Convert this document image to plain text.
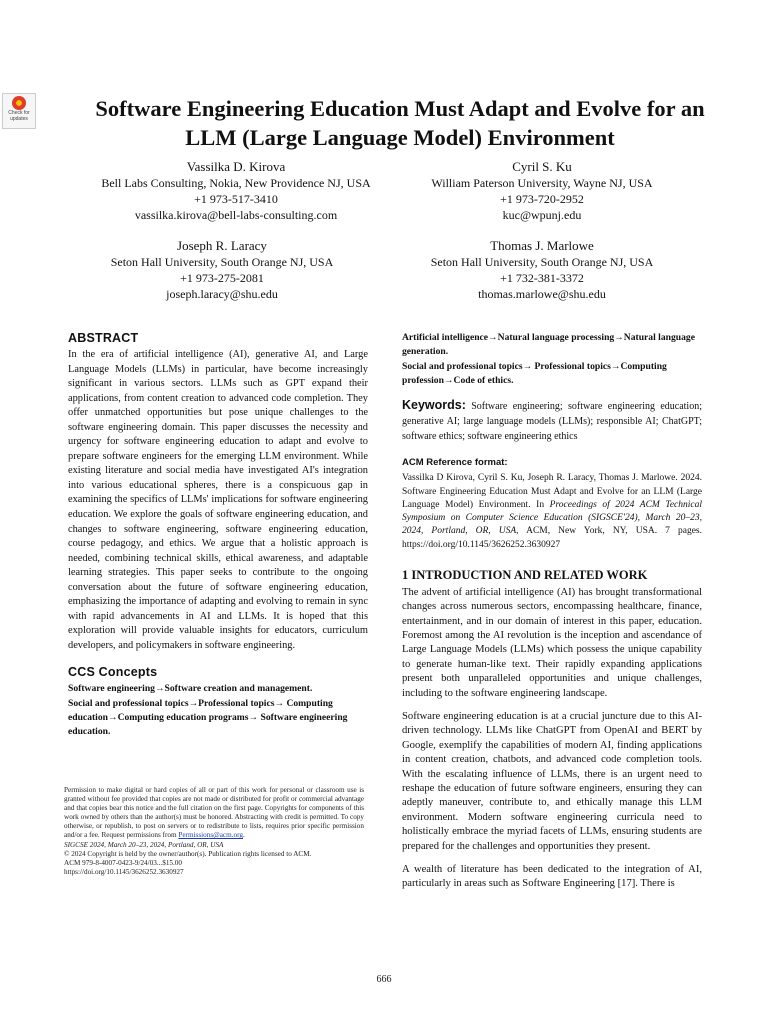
Check for updates	Software Engineering Education Must Adapt and Evolve for an LLM (Large Language Model) Environment
Vassilka D. Kirova
Bell Labs Consulting, Nokia, New Providence NJ, USA
+1 973-517-3410
vassilka.kirova@bell-labs-consulting.com
Cyril S. Ku
William Paterson University, Wayne NJ, USA
+1 973-720-2952
kuc@wpunj.edu
Joseph R. Laracy
Seton Hall University, South Orange NJ, USA
+1 973-275-2081
joseph.laracy@shu.edu
Thomas J. Marlowe
Seton Hall University, South Orange NJ, USA
+1 732-381-3372
thomas.marlowe@shu.edu
ABSTRACT

In the era of artificial intelligence (AI), generative AI, and Large Language Models (LLMs) in particular, have become increasingly significant in various sectors. LLMs such as GPT expand their applications, from content creation to advanced code completion. They offer unmatched opportunities but pose unique challenges to the software engineering domain. This paper discusses the necessity and urgency for software engineering education to adapt and evolve to prepare software engineers for the emerging LLM environment. While existing literature and social media have investigated AI's integration into various educational spheres, there is a conspicuous gap in examining the specifics of LLMs' implications for software engineering education. We explore the goals of software engineering education, and changes to software engineering, software engineering education, course pedagogy, and ethics. We argue that a holistic approach is needed, combining technical skills, ethical awareness, and adaptable learning strategies. This paper seeks to contribute to the ongoing conversation about the future of software engineering education, emphasizing the importance of adapting and evolving to remain in sync with rapid advancements in AI and LLMs. It is hoped that this exploration will provide valuable insights for educators, curriculum developers, and policymakers in software engineering.

CCS Concepts

Software engineering→Software creation and management.

Social and professional topics→Professional topics→ Computing education→Computing education programs→ Software engineering education.

Permission to make digital or hard copies of all or part of this work for personal or classroom use is granted without fee provided that copies are not made or distributed for profit or commercial advantage and that copies bear this notice and the full citation on the first page. Copyrights for components of this work owned by others than the author(s) must be honored. Abstracting with credit is permitted. To copy otherwise, or republish, to post on servers or to redistribute to lists, requires prior specific permission and/or a fee. Request permissions from Permissions@acm.org.

SIGCSE 2024, March 20–23, 2024, Portland, OR, USA

© 2024 Copyright is held by the owner/author(s). Publication rights licensed to ACM.

ACM 979-8-4007-0423-9/24/03...$15.00

https://doi.org/10.1145/3626252.3630927

Artificial intelligence→Natural language processing→Natural language generation.

Social and professional topics→ Professional topics→Computing profession→Code of ethics.

Keywords: Software engineering; software engineering education; generative AI; large language models (LLMs); responsible AI; ChatGPT; software ethics; software engineering ethics

ACM Reference format:

Vassilka D Kirova, Cyril S. Ku, Joseph R. Laracy, Thomas J. Marlowe. 2024. Software Engineering Education Must Adapt and Evolve for an LLM (Large Language Model) Environment. In Proceedings of 2024 ACM Technical Symposium on Computer Science Education (SIGSCE'24), March 20–23, 2024, Portland, OR, USA, ACM, New York, NY, USA. 7 pages. https://doi.org/10.1145/3626252.3630927

1 INTRODUCTION AND RELATED WORK

The advent of artificial intelligence (AI) has brought transformational changes across numerous sectors, encompassing healthcare, finance, entertainment, and in our domain of interest in this paper, education. Foremost among the AI revolution is the inception and ascendance of Large Language Models (LLMs) which possess the unique capability to generate human-like text. Their rapidly expanding applications present both unparalleled opportunities and unique challenges, including to the software engineering landscape.

Software engineering education is at a crucial juncture due to this AI-driven technology. LLMs like ChatGPT from OpenAI and BERT by Google, exemplify the capabilities of modern AI, finding applications in content creation, chatbots, and advanced code completion tools. With the escalating influence of LLMs, there is an urgent need to reshape the education of future software engineers, ensuring they can adeptly maneuver, contribute to, and ethically manage this LLM environment. Modern software engineering curricula need to holistically embrace the myriad facets of LLMs, ensuring students are prepared for the challenges and opportunities they present.

A wealth of literature has been dedicated to the integration of AI, particularly in areas such as Software Engineering [17]. There is

666
